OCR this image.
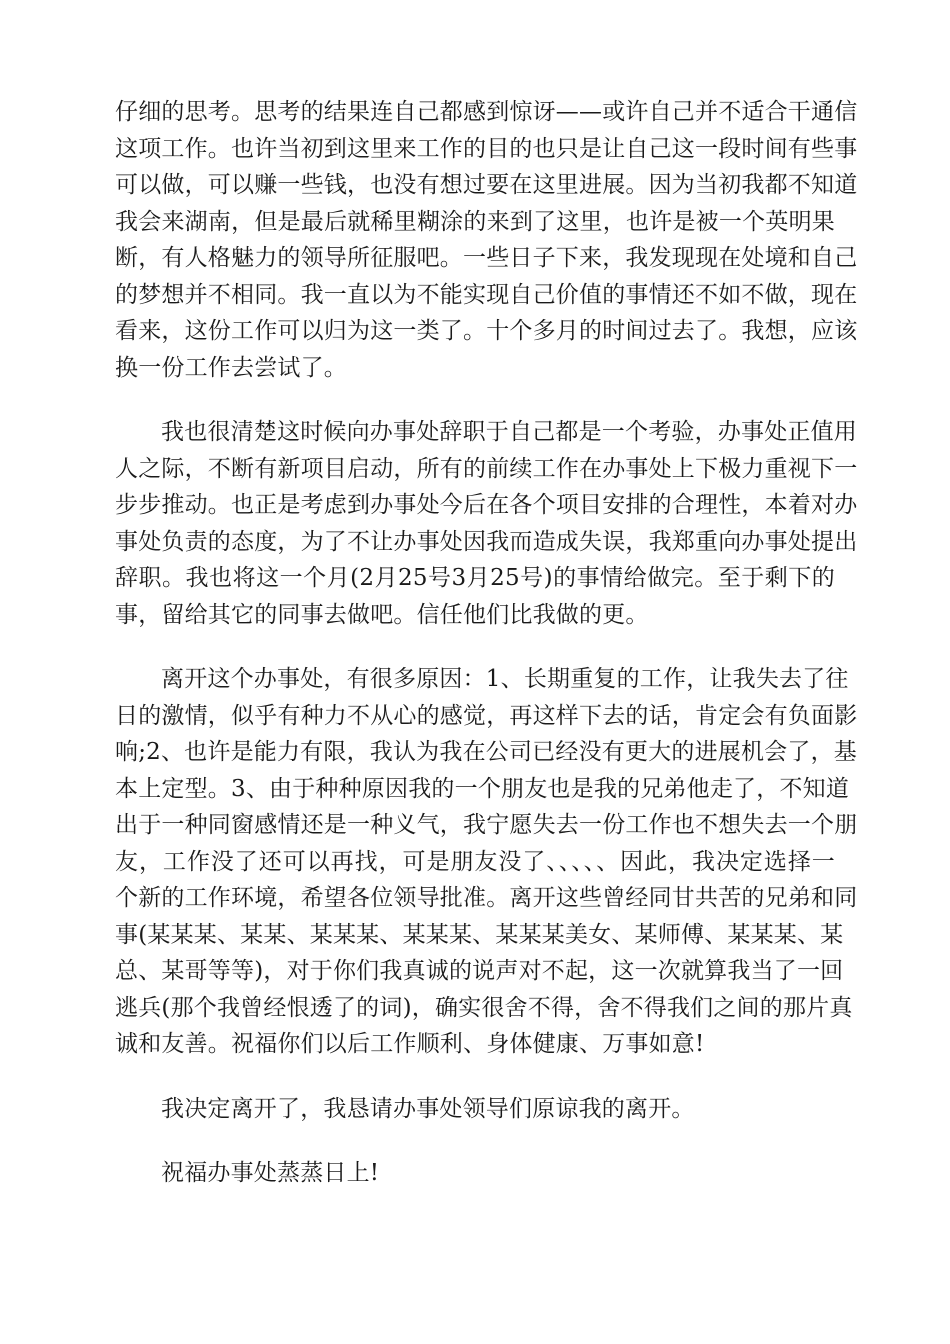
仔细的思考。思考的结果连自己都感到惊讶——或许自己并不适合干通信
这项工作。也许当初到这里来工作的目的也只是让自己这一段时间有些事
可以做，可以赚一些钱，也没有想过要在这里进展。因为当初我都不知道
我会来湖南，但是最后就稀里糊涂的来到了这里，也许是被一个英明果
断，有人格魅力的领导所征服吧。一些日子下来，我发现现在处境和自己
的梦想并不相同。我一直以为不能实现自己价值的事情还不如不做，现在
看来，这份工作可以归为这一类了。十个多月的时间过去了。我想，应该
换一份工作去尝试了。
我也很清楚这时候向办事处辞职于自己都是一个考验，办事处正值用
人之际，不断有新项目启动，所有的前续工作在办事处上下极力重视下一
步步推动。也正是考虑到办事处今后在各个项目安排的合理性，本着对办
事处负责的态度，为了不让办事处因我而造成失误，我郑重向办事处提出
辞职。我也将这一个月(2月25号3月25号)的事情给做完。至于剩下的
事，留给其它的同事去做吧。信任他们比我做的更。
离开这个办事处，有很多原因：1、长期重复的工作，让我失去了往
日的激情，似乎有种力不从心的感觉，再这样下去的话，肯定会有负面影
响;2、也许是能力有限，我认为我在公司已经没有更大的进展机会了，基
本上定型。3、由于种种原因我的一个朋友也是我的兄弟他走了，不知道
出于一种同窗感情还是一种义气，我宁愿失去一份工作也不想失去一个朋
友，工作没了还可以再找，可是朋友没了、、、、、因此，我决定选择一
个新的工作环境，希望各位领导批准。离开这些曾经同甘共苦的兄弟和同
事(某某某、某某、某某某、某某某、某某某美女、某师傅、某某某、某
总、某哥等等)，对于你们我真诚的说声对不起，这一次就算我当了一回
逃兵(那个我曾经恨透了的词)，确实很舍不得，舍不得我们之间的那片真
诚和友善。祝福你们以后工作顺利、身体健康、万事如意!
我决定离开了，我恳请办事处领导们原谅我的离开。
祝福办事处蒸蒸日上!
